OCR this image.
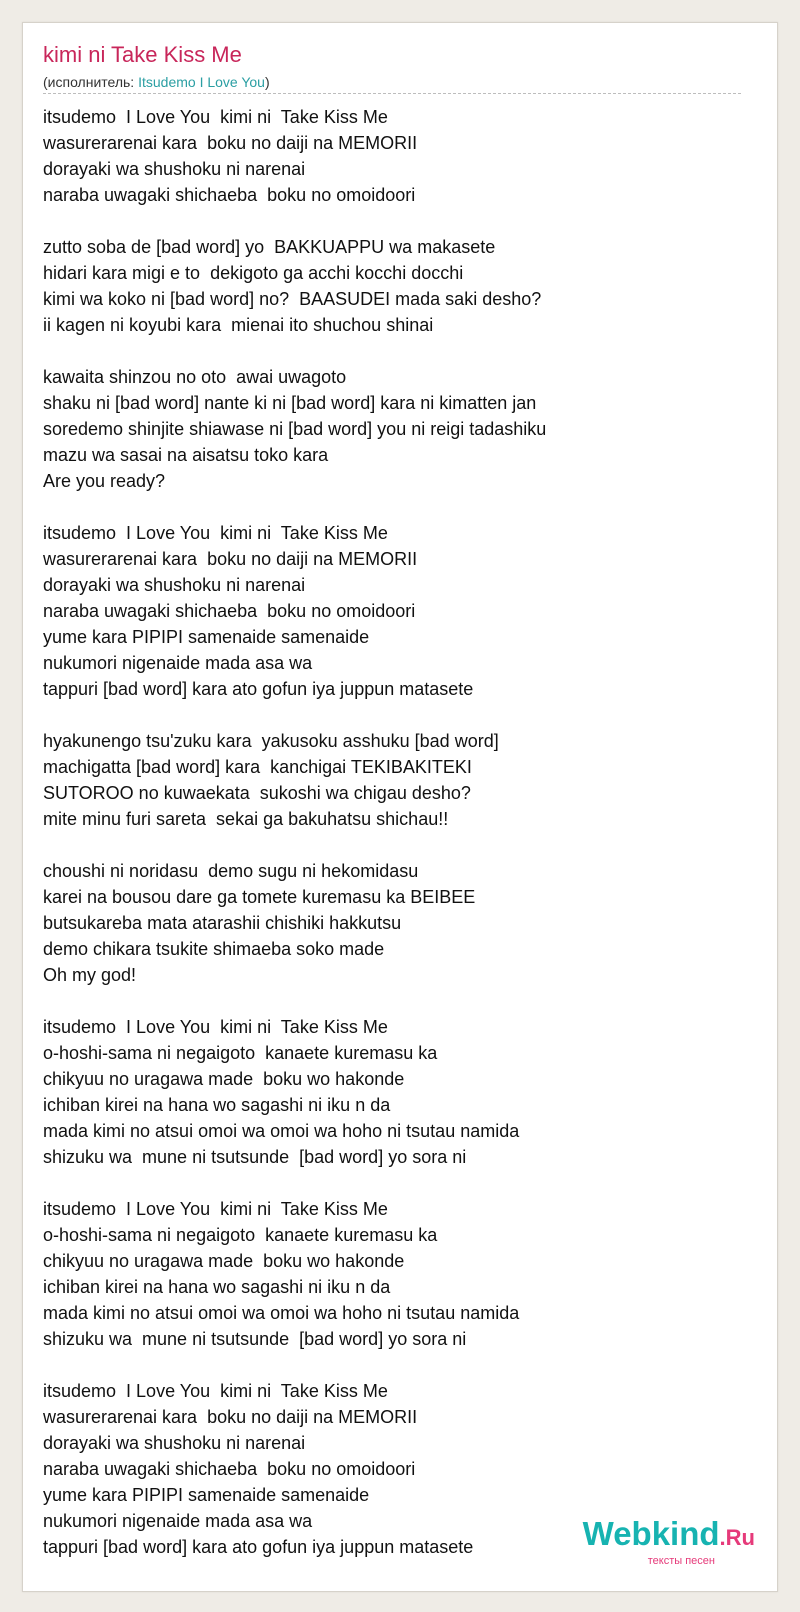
kimi ni Take Kiss Me
(исполнитель: Itsudemo I Love You)
itsudemo  I Love You  kimi ni  Take Kiss Me
wasurerarenai kara  boku no daiji na MEMORII
dorayaki wa shushoku ni narenai
naraba uwagaki shichaeba  boku no omoidoori
zutto soba de [bad word] yo  BAKKUAPPU wa makasete
hidari kara migi e to  dekigoto ga acchi kocchi docchi
kimi wa koko ni [bad word] no?  BAASUDEI mada saki desho?
ii kagen ni koyubi kara  mienai ito shuchou shinai
kawaita shinzou no oto  awai uwagoto
shaku ni [bad word] nante ki ni [bad word] kara ni kimatten jan
soredemo shinjite shiawase ni [bad word] you ni reigi tadashiku
mazu wa sasai na aisatsu toko kara
Are you ready?
itsudemo  I Love You  kimi ni  Take Kiss Me
wasurerarenai kara  boku no daiji na MEMORII
dorayaki wa shushoku ni narenai
naraba uwagaki shichaeba  boku no omoidoori
yume kara PIPIPI samenaide samenaide
nukumori nigenaide mada asa wa
tappuri [bad word] kara ato gofun iya juppun matasete
hyakunengo tsu'zuku kara  yakusoku asshuku [bad word]
machigatta [bad word] kara  kanchigai TEKIBAKITEKI
SUTOROO no kuwaekata  sukoshi wa chigau desho?
mite minu furi sareta  sekai ga bakuhatsu shichau!!
choushi ni noridasu  demo sugu ni hekomidasu
karei na bousou dare ga tomete kuremasu ka BEIBEE
butsukareba mata atarashii chishiki hakkutsu
demo chikara tsukite shimaeba soko made
Oh my god!
itsudemo  I Love You  kimi ni  Take Kiss Me
o-hoshi-sama ni negaigoto  kanaete kuremasu ka
chikyuu no uragawa made  boku wo hakonde
ichiban kirei na hana wo sagashi ni iku n da
mada kimi no atsui omoi wa omoi wa hoho ni tsutau namida
shizuku wa  mune ni tsutsunde  [bad word] yo sora ni
itsudemo  I Love You  kimi ni  Take Kiss Me
o-hoshi-sama ni negaigoto  kanaete kuremasu ka
chikyuu no uragawa made  boku wo hakonde
ichiban kirei na hana wo sagashi ni iku n da
mada kimi no atsui omoi wa omoi wa hoho ni tsutau namida
shizuku wa  mune ni tsutsunde  [bad word] yo sora ni
itsudemo  I Love You  kimi ni  Take Kiss Me
wasurerarenai kara  boku no daiji na MEMORII
dorayaki wa shushoku ni narenai
naraba uwagaki shichaeba  boku no omoidoori
yume kara PIPIPI samenaide samenaide
nukumori nigenaide mada asa wa
tappuri [bad word] kara ato gofun iya juppun matasete	Webkind.Ru
тексты песен
